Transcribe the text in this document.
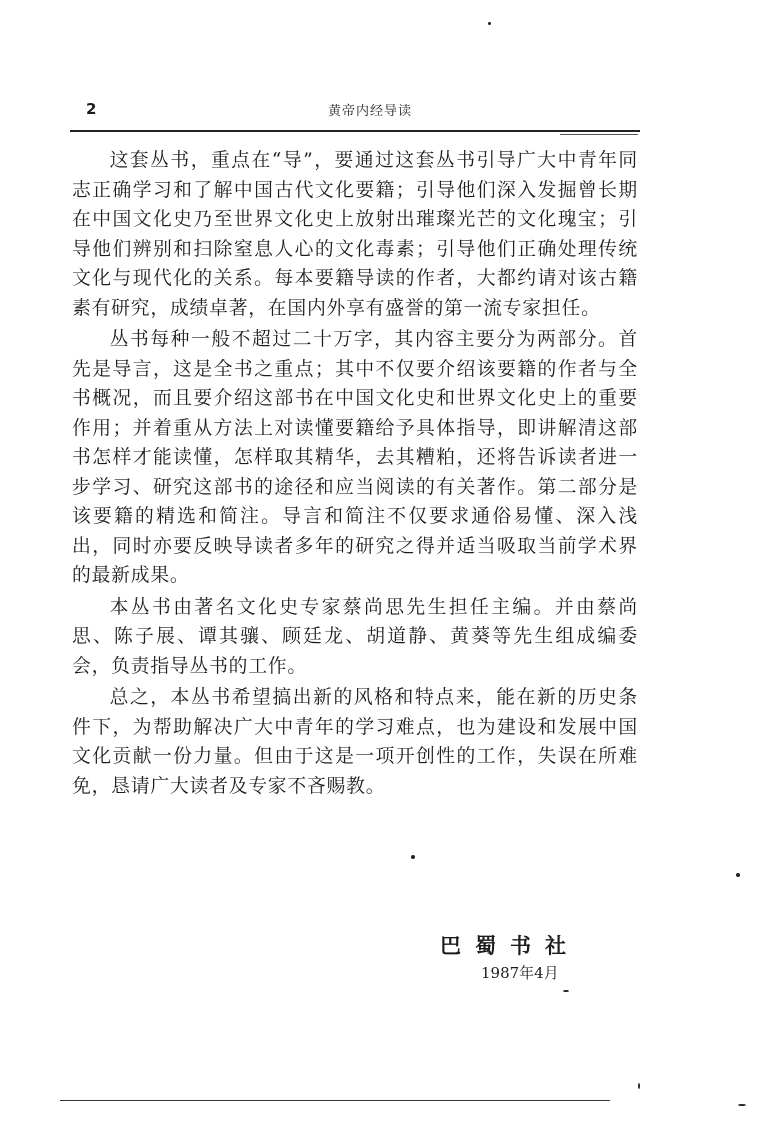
2	黄帝内经导读

这套丛书，重点在“导”，要通过这套丛书引导广大中青年同志正确学习和了解中国古代文化要籍；引导他们深入发掘曾长期在中国文化史乃至世界文化史上放射出璀璨光芒的文化瑰宝；引导他们辨别和扫除窒息人心的文化毒素；引导他们正确处理传统文化与现代化的关系。每本要籍导读的作者，大都约请对该古籍素有研究，成绩卓著，在国内外享有盛誉的第一流专家担任。

丛书每种一般不超过二十万字，其内容主要分为两部分。首先是导言，这是全书之重点；其中不仅要介绍该要籍的作者与全书概况，而且要介绍这部书在中国文化史和世界文化史上的重要作用；并着重从方法上对读懂要籍给予具体指导，即讲解清这部书怎样才能读懂，怎样取其精华，去其糟粕，还将告诉读者进一步学习、研究这部书的途径和应当阅读的有关著作。第二部分是该要籍的精选和简注。导言和简注不仅要求通俗易懂、深入浅出，同时亦要反映导读者多年的研究之得并适当吸取当前学术界的最新成果。

本丛书由著名文化史专家蔡尚思先生担任主编。并由蔡尚思、陈子展、谭其骧、顾廷龙、胡道静、黄葵等先生组成编委会，负责指导丛书的工作。

总之，本丛书希望搞出新的风格和特点来，能在新的历史条件下，为帮助解决广大中青年的学习难点，也为建设和发展中国文化贡献一份力量。但由于这是一项开创性的工作，失误在所难免，恳请广大读者及专家不吝赐教。

巴蜀书社
1987年4月
